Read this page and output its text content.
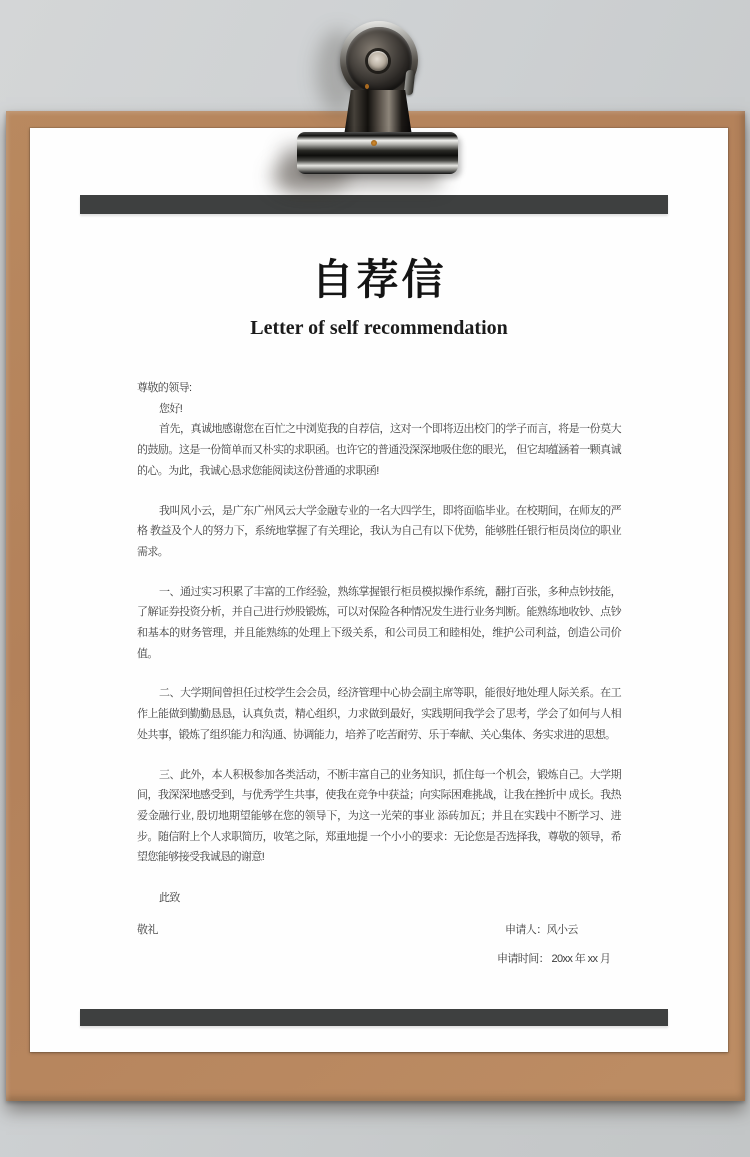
自荐信
Letter of self recommendation
尊敬的领导:
您好!

首先，真诚地感谢您在百忙之中浏览我的自荐信，这对一个即将迈出校门的学子而言，将是一份莫大的鼓励。这是一份简单而又朴实的求职函。也许它的普通没深深地吸住您的眼光， 但它却蕴涵着一颗真诚的心。为此，我诚心恳求您能阅读这份普通的求职函!

我叫风小云，是广东广州风云大学金融专业的一名大四学生，即将面临毕业。在校期间，在师友的严格 教益及个人的努力下，系统地掌握了有关理论，我认为自己有以下优势，能够胜任银行柜员岗位的职业需求。

一、通过实习积累了丰富的工作经验，熟练掌握银行柜员模拟操作系统，翻打百张，多种点钞技能，了解证券投资分析，并自己进行炒股锻炼，可以对保险各种情况发生进行业务判断。能熟练地收钞、点钞和基本的财务管理，并且能熟练的处理上下级关系，和公司员工和睦相处，维护公司利益，创造公司价值。

二、大学期间曾担任过校学生会会员，经济管理中心协会副主席等职，能很好地处理人际关系。在工作上能做到勤勤恳恳，认真负责，精心组织，力求做到最好，实践期间我学会了思考，学会了如何与人相处共事，锻炼了组织能力和沟通、协调能力，培养了吃苦耐劳、乐于奉献、关心集体、务实求进的思想。

三、此外，本人积极参加各类活动，不断丰富自己的业务知识，抓住每一个机会，锻炼自己。大学期间，我深深地感受到，与优秀学生共事，使我在竞争中获益；向实际困难挑战，让我在挫折中 成长。我热爱金融行业, 殷切地期望能够在您的领导下，为这一光荣的事业 添砖加瓦；并且在实践中不断学习、进步。随信附上个人求职简历，收笔之际，郑重地提 一个小小的要求：无论您是否选择我，尊敬的领导，希望您能够接受我诚恳的谢意!

此致
敬礼	申请人：风小云
申请时间： 20xx 年 xx 月
